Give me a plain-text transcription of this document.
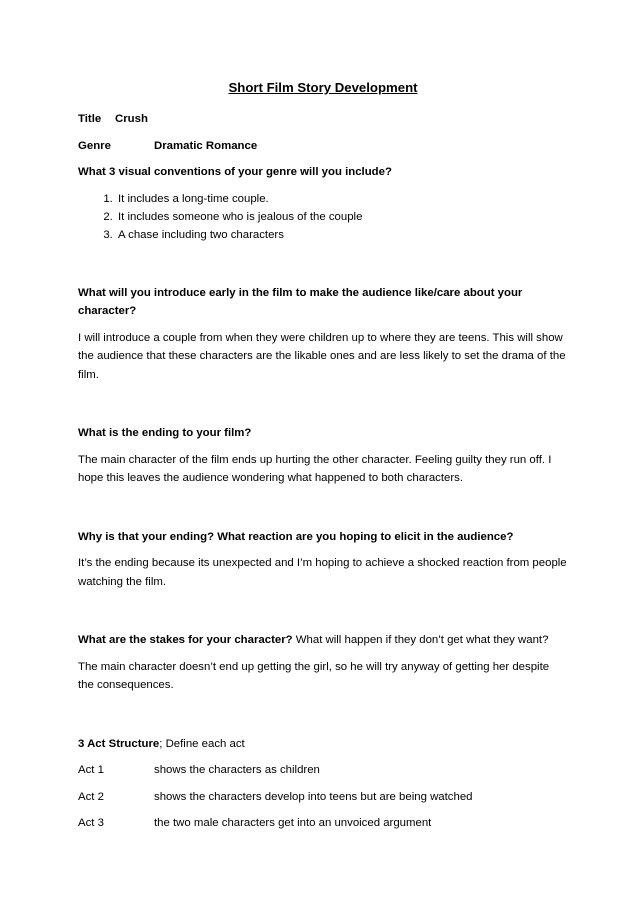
Short Film Story Development
Title	Crush
Genre	Dramatic Romance
What 3 visual conventions of your genre will you include?
1. It includes a long-time couple.
2. It includes someone who is jealous of the couple
3. A chase including two characters
What will you introduce early in the film to make the audience like/care about your character?
I will introduce a couple from when they were children up to where they are teens. This will show the audience that these characters are the likable ones and are less likely to set the drama of the film.
What is the ending to your film?
The main character of the film ends up hurting the other character. Feeling guilty they run off. I hope this leaves the audience wondering what happened to both characters.
Why is that your ending? What reaction are you hoping to elicit in the audience?
It’s the ending because its unexpected and I’m hoping to achieve a shocked reaction from people watching the film.
What are the stakes for your character? What will happen if they don’t get what they want?
The main character doesn’t end up getting the girl, so he will try anyway of getting her despite the consequences.
3 Act Structure; Define each act
Act 1	shows the characters as children
Act 2	shows the characters develop into teens but are being watched
Act 3	the two male characters get into an unvoiced argument
